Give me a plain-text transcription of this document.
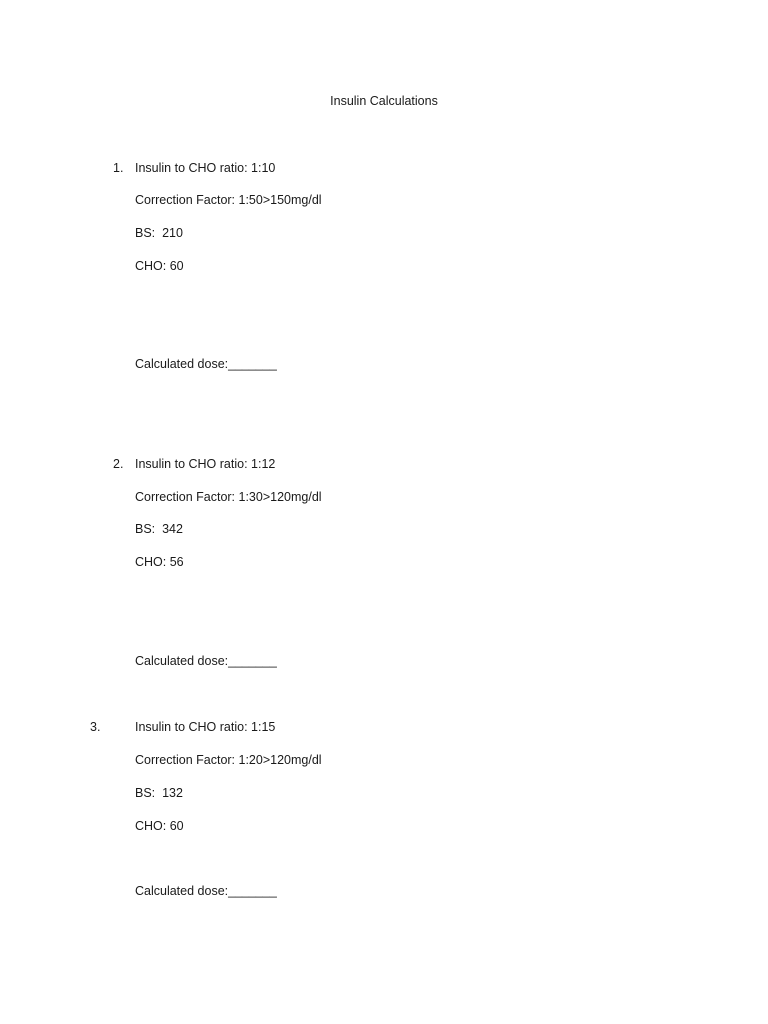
Insulin Calculations
1. Insulin to CHO ratio: 1:10
Correction Factor: 1:50>150mg/dl
BS:  210
CHO: 60
Calculated dose:_______
2. Insulin to CHO ratio: 1:12
Correction Factor: 1:30>120mg/dl
BS:  342
CHO: 56
Calculated dose:_______
3.	Insulin to CHO ratio: 1:15
Correction Factor: 1:20>120mg/dl
BS:  132
CHO: 60
Calculated dose:_______
